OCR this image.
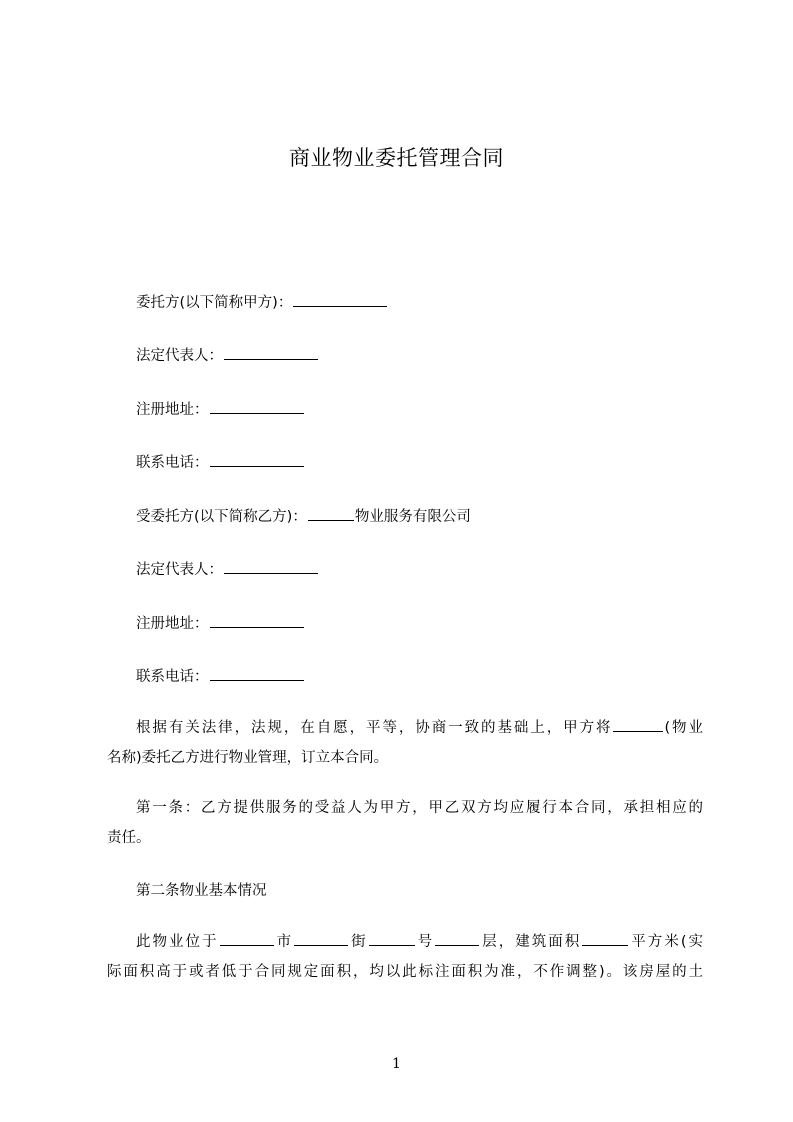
商业物业委托管理合同
委托方(以下简称甲方)：
法定代表人：
注册地址：
联系电话：
受委托方(以下简称乙方)：	物业服务有限公司
法定代表人：
注册地址：
联系电话：
根据有关法律，法规，在自愿，平等，协商一致的基础上，甲方将	(物业
名称)委托乙方进行物业管理，订立本合同。
第一条：乙方提供服务的受益人为甲方，甲乙双方均应履行本合同，承担相应的
责任。
第二条物业基本情况
此物业位于	市	街	号	层，建筑面积	平方米(实
际面积高于或者低于合同规定面积，均以此标注面积为准，不作调整)。该房屋的土
1
